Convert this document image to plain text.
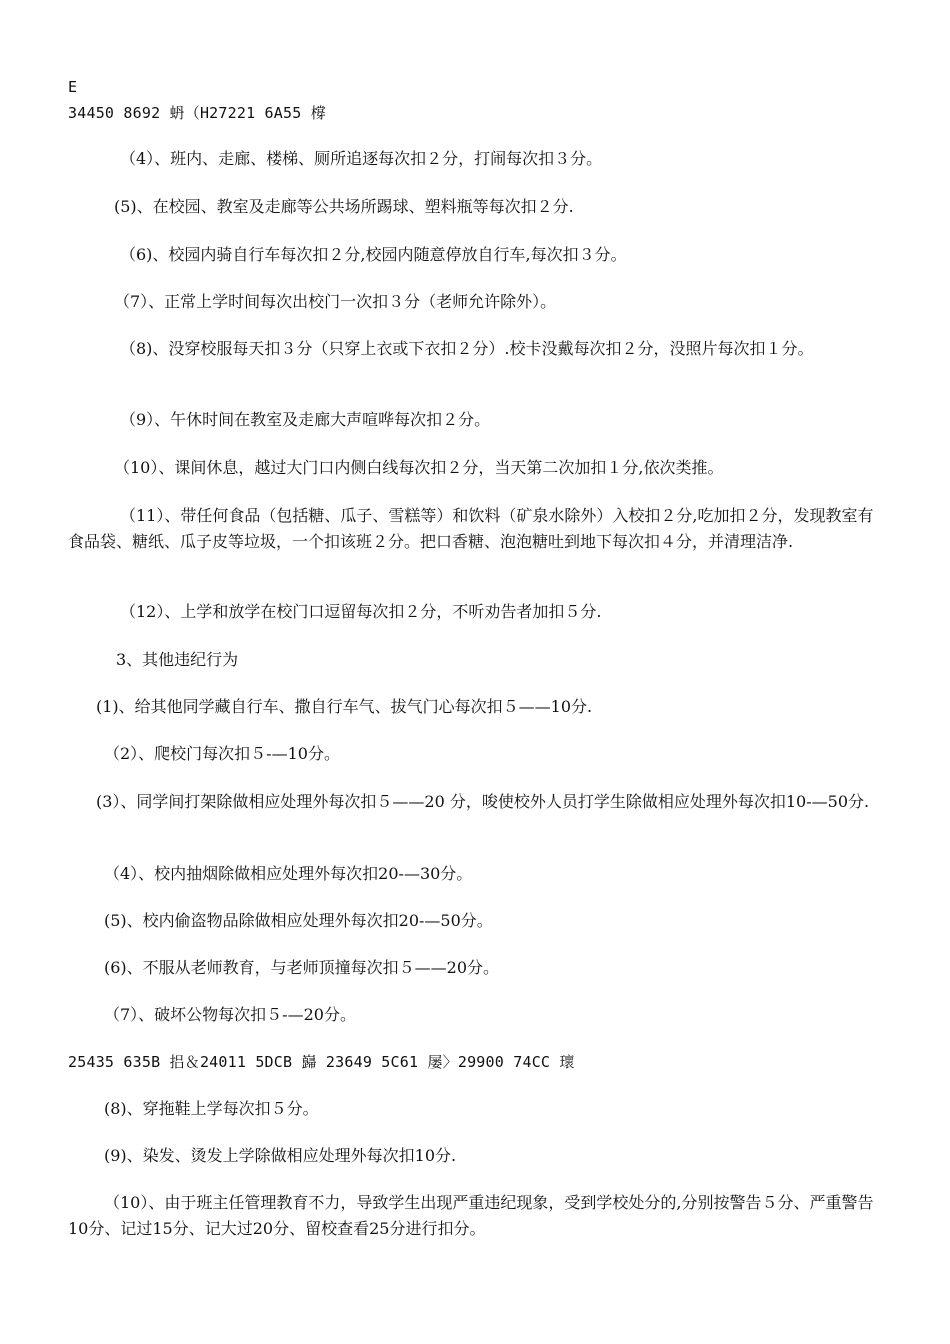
E
34450 8692 蚒（H27221 6A55 橕
（4）、班内、走廊、楼梯、厕所追逐每次扣２分，打闹每次扣３分。
(5)、在校园、教室及走廊等公共场所踢球、塑料瓶等每次扣２分.
（6)、校园内骑自行车每次扣２分,校园内随意停放自行车,每次扣３分。
（7）、正常上学时间每次出校门一次扣３分（老师允许除外）。
（8)、没穿校服每天扣３分（只穿上衣或下衣扣２分）.校卡没戴每次扣２分，没照片每次扣１分。
（9）、午休时间在教室及走廊大声喧哗每次扣２分。
（10）、课间休息，越过大门口内侧白线每次扣２分，当天第二次加扣１分,依次类推。
（11）、带任何食品（包括糖、瓜子、雪糕等）和饮料（矿泉水除外）入校扣２分,吃加扣２分，发现教室有食品袋、糖纸、瓜子皮等垃圾，一个扣该班２分。把口香糖、泡泡糖吐到地下每次扣４分，并清理洁净.
（12）、上学和放学在校门口逗留每次扣２分，不听劝告者加扣５分.
3、其他违纪行为
(1)、给其他同学藏自行车、撒自行车气、拔气门心每次扣５——10分.
（2）、爬校门每次扣５-—10分。
(3）、同学间打架除做相应处理外每次扣５——20 分，唆使校外人员打学生除做相应处理外每次扣10-—50分.
（4）、校内抽烟除做相应处理外每次扣20-—30分。
(5)、校内偷盗物品除做相应处理外每次扣20-—50分。
(6)、不服从老师教育，与老师顶撞每次扣５——20分。
（7）、破坏公物每次扣５-—20分。
25435 635B 捛＆24011 5DCB 巋 23649 5C61 屡〉29900 74CC 瓌
(8)、穿拖鞋上学每次扣５分。
(9)、染发、烫发上学除做相应处理外每次扣10分.
（10）、由于班主任管理教育不力，导致学生出现严重违纪现象，受到学校处分的,分别按警告５分、严重警告10分、记过15分、记大过20分、留校查看25分进行扣分。
